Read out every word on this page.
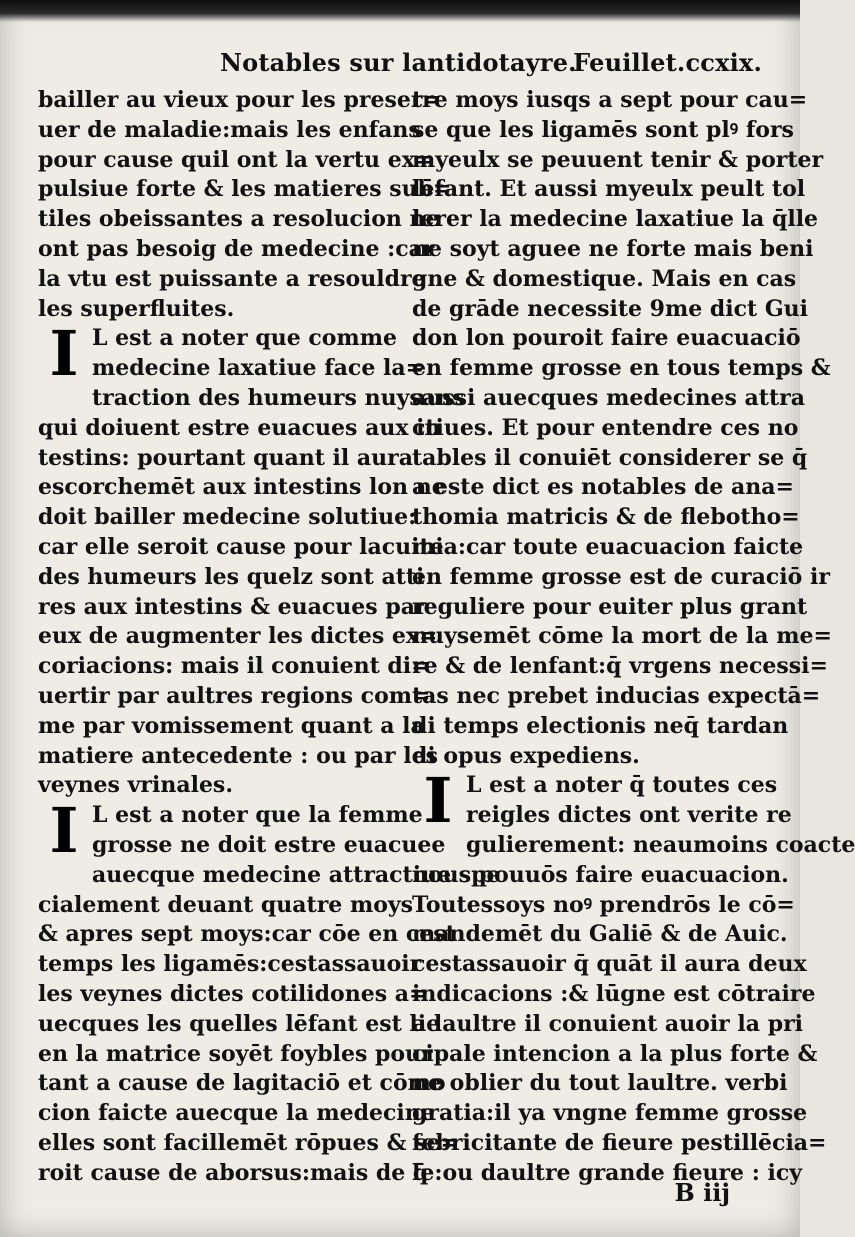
Notables sur lantidotayre.
Feuillet.ccxix.
bailler au vieux pour les preser=
uer de maladie:mais les enfans
pour cause quil ont la vertu ex=
pulsiue forte & les matieres sub=
tiles obeissantes a resolucion ne
ont pas besoig de medecine :car
la vtu est puissante a resouldre
les superfluites.
I L est a noter que comme
medecine laxatiue face la=
traction des humeurs nuysans
qui doiuent estre euacues aux in
testins: pourtant quant il aura
escorchemēt aux intestins lon ne
doit bailler medecine solutiue:
car elle seroit cause pour lacuite
des humeurs les quelz sont atti
res aux intestins & euacues par
eux de augmenter les dictes ex=
coriacions: mais il conuient di=
uertir par aultres regions com=
me par vomissement quant a la
matiere antecedente : ou par les
veynes vrinales.
I L est a noter que la femme
grosse ne doit estre euacuee
auecque medecine attractiue spe
cialement deuant quatre moys
& apres sept moys:car cōe en cest
temps les ligamēs:cestassauoir
les veynes dictes cotilidones a=
uecques les quelles lēfant est lie
en la matrice soyēt foybles pour
tant a cause de lagitaciō et cōmo
cion faicte auecque la medecine
elles sont facillemēt rōpues & se=
roit cause de aborsus:mais de q̄
tre moys iusqs a sept pour cau=
se que les ligamēs sont plꝰ fors
myeulx se peuuent tenir & porter
lēfant. Et aussi myeulx peult tol
lerer la medecine laxatiue la q̄lle
ne soyt aguee ne forte mais beni
gne & domestique. Mais en cas
de grāde necessite 9me dict Gui
don lon pouroit faire euacuaciō
en femme grosse en tous temps &
aussi auecques medecines attra
ctiues. Et pour entendre ces no
tables il conuiēt considerer se q̄
a este dict es notables de ana=
thomia matricis & de flebotho=
mia:car toute euacuacion faicte
en femme grosse est de curaciō ir
reguliere pour euiter plus grant
nuysemēt cōme la mort de la me=
re & de lenfant:q̄ vrgens necessi=
tas nec prebet inducias expectā=
di temps electionis neq̄ tardan
di opus expediens.
I L est a noter q̄ toutes ces
reigles dictes ont verite re
gulierement: neaumoins coacte
nous pouuōs faire euacuacion.
Toutessoys noꝰ prendrōs le cō=
mandemēt du Galiē & de Auic.
cestassauoir q̄ quāt il aura deux
indicacions :& lūgne est cōtraire
a laultre il conuient auoir la pri
cipale intencion a la plus forte &
ne oblier du tout laultre. verbi
gratia:il ya vngne femme grosse
febricitante de fieure pestillēcia=
le:ou daultre grande fieure : icy
B iij
